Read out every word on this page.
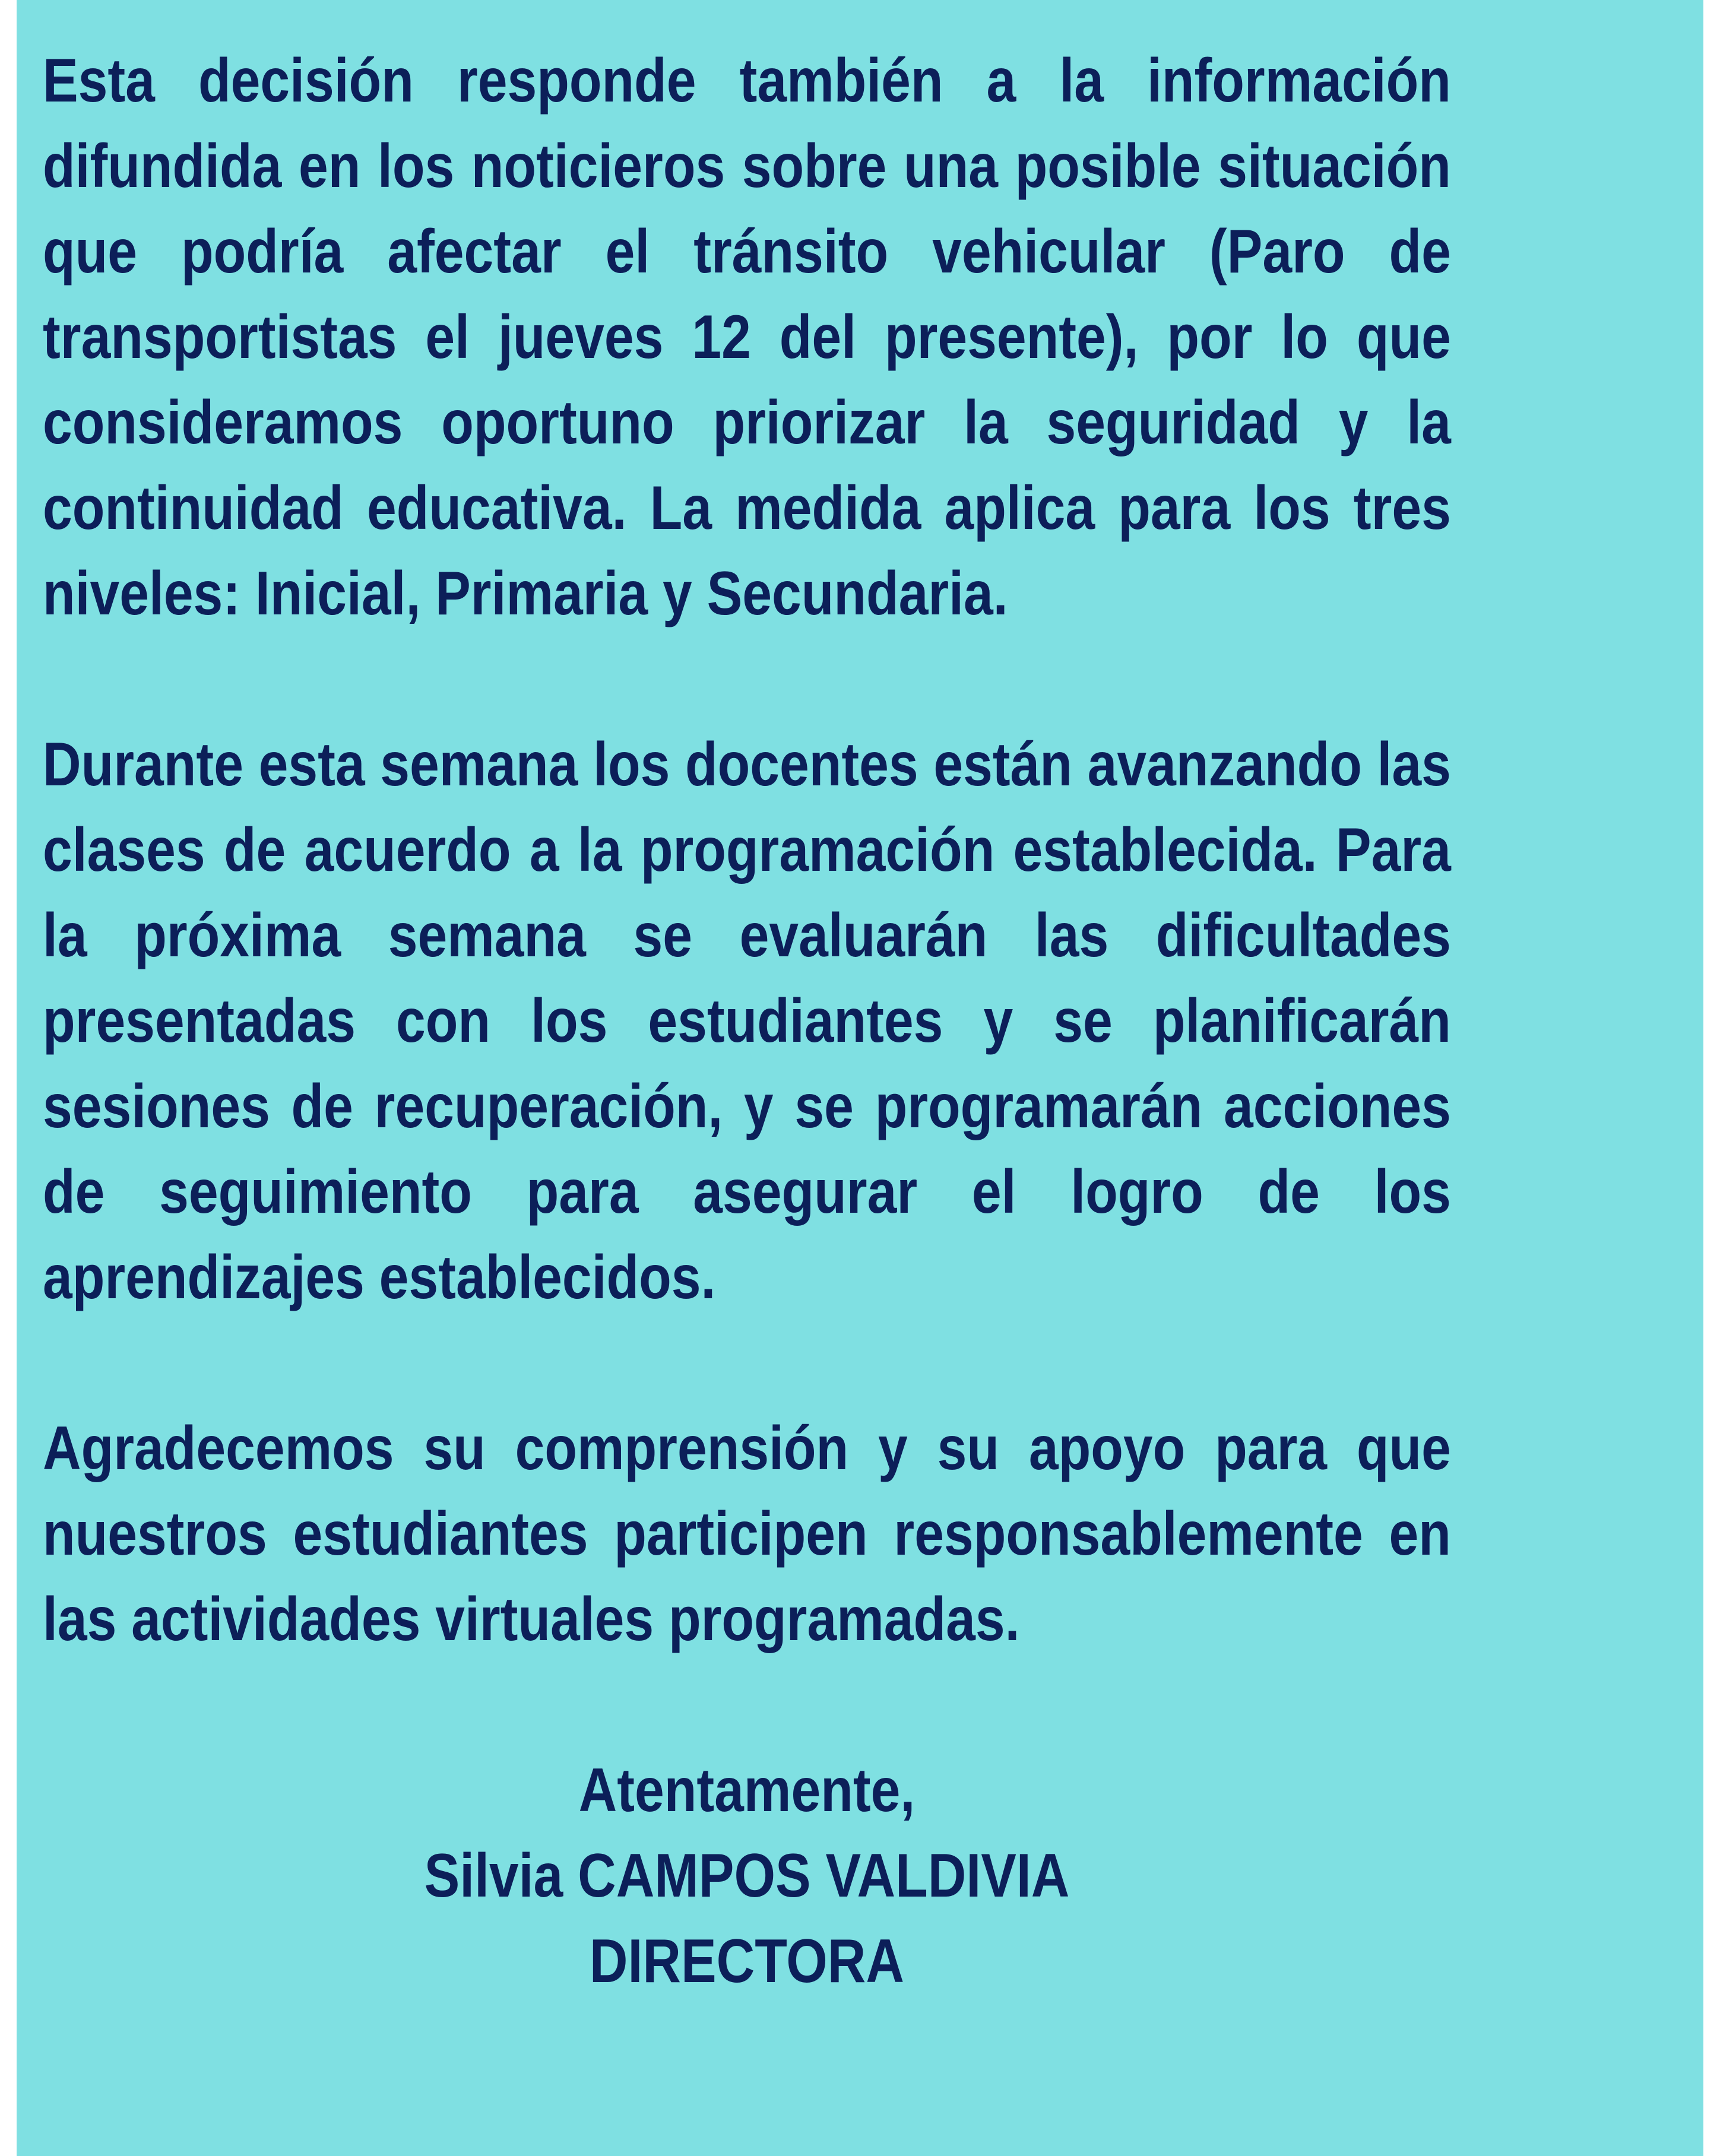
Esta decisión responde también a la información difundida en los noticieros sobre una posible situación que podría afectar el tránsito vehicular (Paro de transportistas el jueves 12 del presente), por lo que consideramos oportuno priorizar la seguridad y la continuidad educativa. La medida aplica para los tres niveles: Inicial, Primaria y Secundaria.

Durante esta semana los docentes están avanzando las clases de acuerdo a la programación establecida. Para la próxima semana se evaluarán las dificultades presentadas con los estudiantes y se planificarán sesiones de recuperación, y se programarán acciones de seguimiento para asegurar el logro de los aprendizajes establecidos.

Agradecemos su comprensión y su apoyo para que nuestros estudiantes participen responsablemente en las actividades virtuales programadas.

Atentamente,
Silvia CAMPOS VALDIVIA
DIRECTORA
